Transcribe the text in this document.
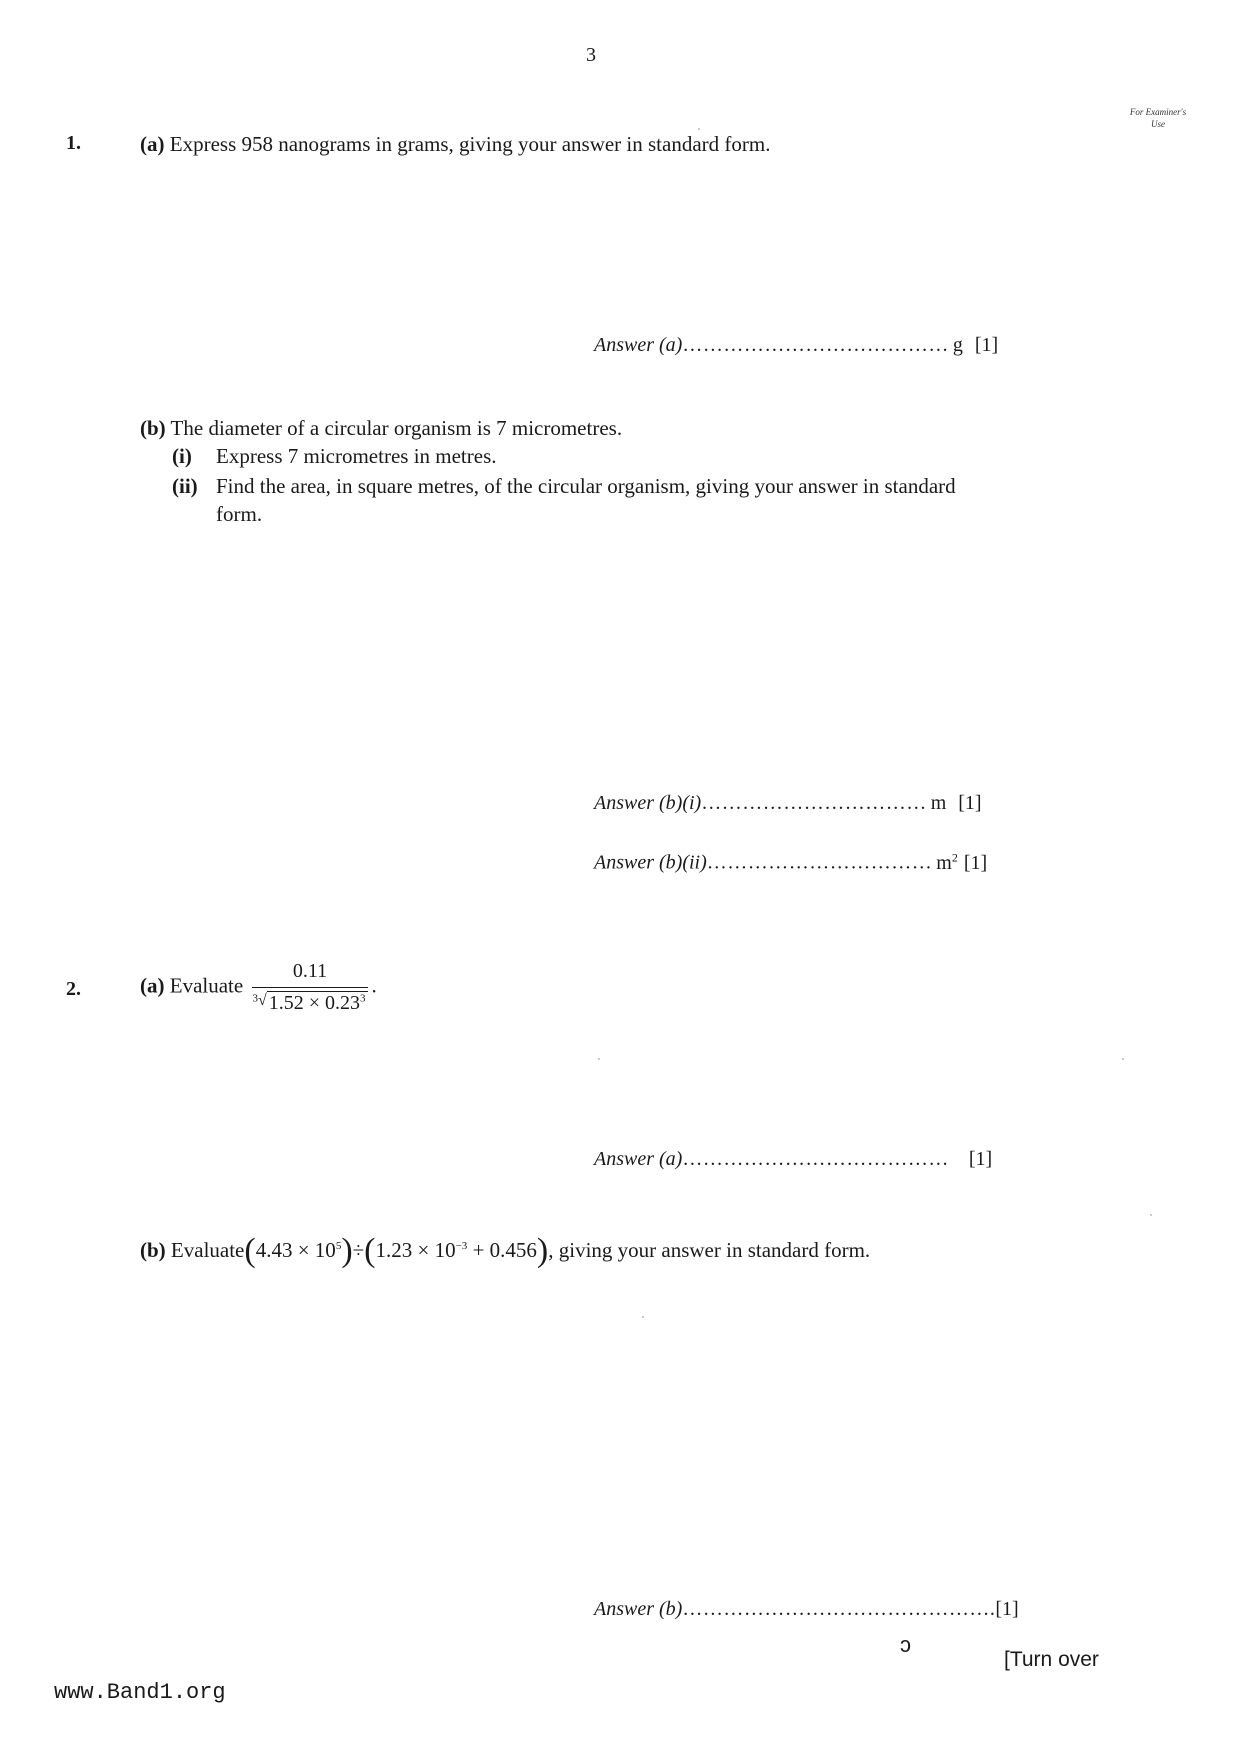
3
For Examiner's Use
1.	(a) Express 958 nanograms in grams, giving your answer in standard form.
Answer (a)………………………………… g [1]
(b) The diameter of a circular organism is 7 micrometres.
(i) Express 7 micrometres in metres.
(ii) Find the area, in square metres, of the circular organism, giving your answer in standard
form.
Answer (b)(i)…………………………… m [1]
Answer (b)(ii)…………………………… $m^2$ [1]
2.	(a) Evaluate $\frac{0.11}{^{3√} 1.52 \times 0.23^3}$ .
Answer (a)………………………………… [1]
(b) Evaluate(4.43 × $10^5)\div(1.23 \times 10^{-3} + 0.456)$, giving your answer in standard form.
Answer (b)……………………………………….[1]
ɔ
[Turn over
www.Band1.org
